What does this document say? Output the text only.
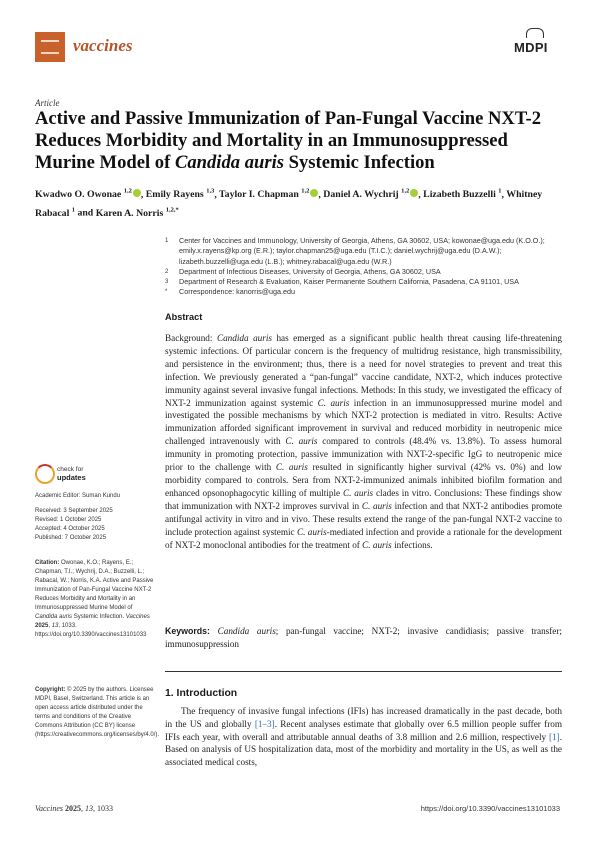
vaccines	MDPI
Article
Active and Passive Immunization of Pan-Fungal Vaccine NXT-2 Reduces Morbidity and Mortality in an Immunosuppressed Murine Model of Candida auris Systemic Infection
Kwadwo O. Owonae $^{1,2}$ , Emily Rayens $^{1,3}$, Taylor I. Chapman $^{1,2}$ , Daniel A. Wychrij $^{1,2}$ , Lizabeth Buzzelli $^1$, Whitney Rabacal $^1$ and Karen A. Norris $^{1,2,*}$
1	Center for Vaccines and Immunology, University of Georgia, Athens, GA 30602, USA; kowonae@uga.edu (K.O.O.); emily.x.rayens@kp.org (E.R.); taylor.chapman25@uga.edu (T.I.C.); daniel.wychrij@uga.edu (D.A.W.); lizabeth.buzzelli@uga.edu (L.B.); whitney.rabacal@uga.edu (W.R.)
2	Department of Infectious Diseases, University of Georgia, Athens, GA 30602, USA
3	Department of Research & Evaluation, Kaiser Permanente Southern California, Pasadena, CA 91101, USA
*	Correspondence: kanorris@uga.edu
check for
updates
Academic Editor: Suman Kundu
Received: 3 September 2025
Revised: 1 October 2025
Accepted: 4 October 2025
Published: 7 October 2025
Citation: Owonae, K.O.; Rayens, E.; Chapman, T.I.; Wychrij, D.A.; Buzzelli, L.; Rabacal, W.; Norris, K.A. Active and Passive Immunization of Pan-Fungal Vaccine NXT-2 Reduces Morbidity and Mortality in an Immunosuppressed Murine Model of Candida auris Systemic Infection. Vaccines 2025, 13, 1033. https://doi.org/10.3390/vaccines13101033
Copyright: © 2025 by the authors. Licensee MDPI, Basel, Switzerland. This article is an open access article distributed under the terms and conditions of the Creative Commons Attribution (CC BY) license (https://creativecommons.org/licenses/by/4.0/).
Abstract
Background: Candida auris has emerged as a significant public health threat causing life-threatening systemic infections. Of particular concern is the frequency of multidrug resistance, high transmissibility, and persistence in the environment; thus, there is a need for novel strategies to prevent and treat this infection. We previously generated a “pan-fungal” vaccine candidate, NXT-2, which induces protective immunity against several invasive fungal infections. Methods: In this study, we investigated the efficacy of NXT-2 immunization against systemic C. auris infection in an immunosuppressed murine model and investigated the possible mechanisms by which NXT-2 protection is mediated in vitro. Results: Active immunization afforded significant improvement in survival and reduced morbidity in neutropenic mice challenged intravenously with C. auris compared to controls (48.4% vs. 13.8%). To assess humoral immunity in promoting protection, passive immunization with NXT-2-specific IgG to neutropenic mice prior to the challenge with C. auris resulted in significantly higher survival (42% vs. 0%) and low morbidity compared to controls. Sera from NXT-2-immunized animals inhibited biofilm formation and enhanced opsonophagocytic killing of multiple C. auris clades in vitro. Conclusions: These findings show that immunization with NXT-2 improves survival in C. auris infection and that NXT-2 antibodies promote antifungal activity in vitro and in vivo. These results extend the range of the pan-fungal NXT-2 vaccine to include protection against systemic C. auris-mediated infection and provide a rationale for the development of NXT-2 monoclonal antibodies for the treatment of C. auris infections.
Keywords: Candida auris; pan-fungal vaccine; NXT-2; invasive candidiasis; passive transfer; immunosuppression
1. Introduction
The frequency of invasive fungal infections (IFIs) has increased dramatically in the past decade, both in the US and globally [1–3]. Recent analyses estimate that globally over 6.5 million people suffer from IFIs each year, with overall and attributable annual deaths of 3.8 million and 2.6 million, respectively [1]. Based on analysis of US hospitalization data, most of the morbidity and mortality in the US, as well as the associated medical costs,
Vaccines 2025, 13, 1033	https://doi.org/10.3390/vaccines13101033
